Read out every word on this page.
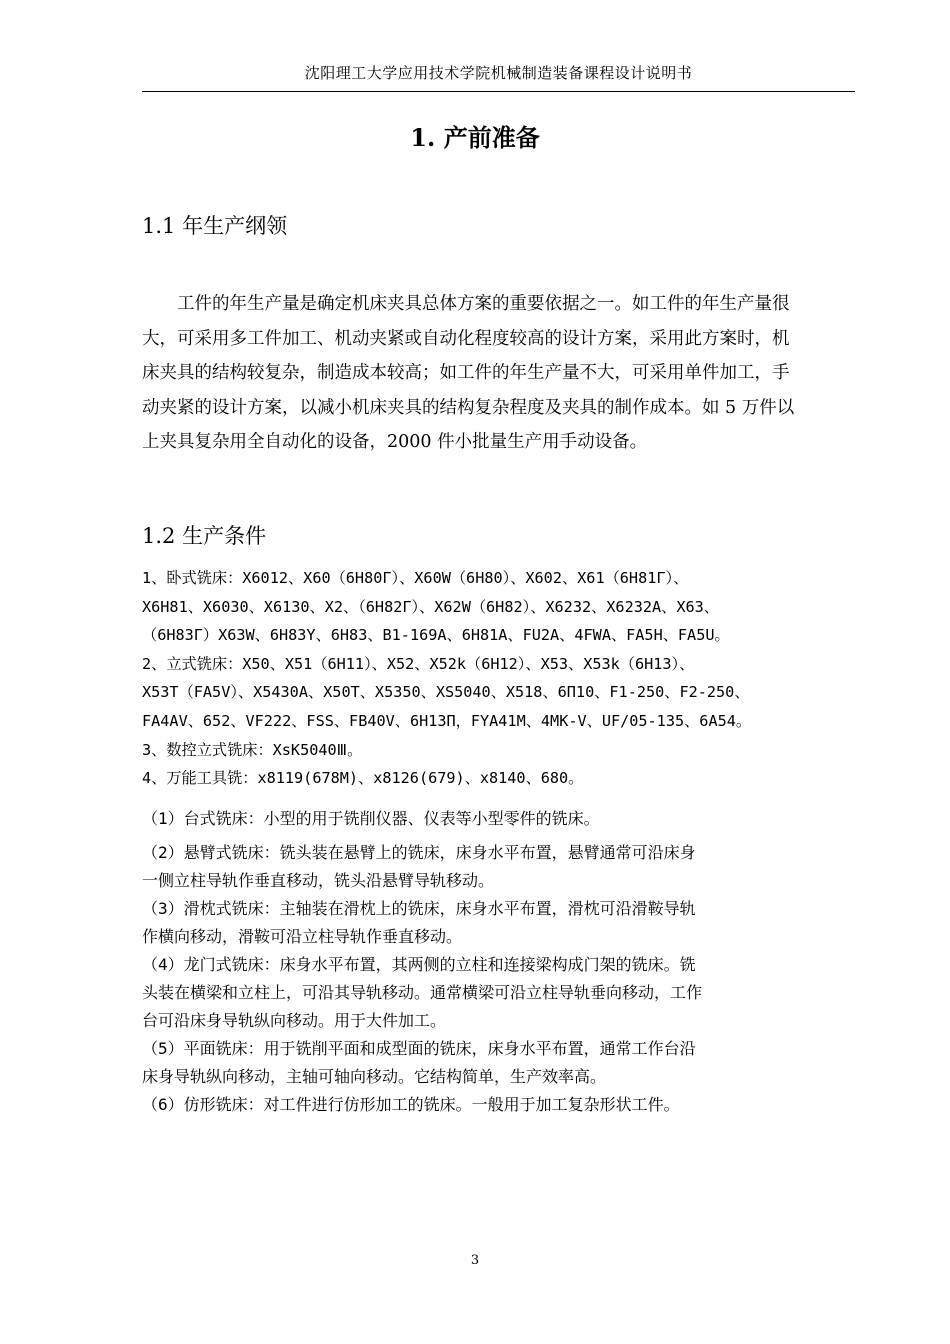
沈阳理工大学应用技术学院机械制造装备课程设计说明书
1. 产前准备
1.1 年生产纲领
　　工件的年生产量是确定机床夹具总体方案的重要依据之一。如工件的年生产量很
大，可采用多工件加工、机动夹紧或自动化程度较高的设计方案，采用此方案时，机
床夹具的结构较复杂，制造成本较高；如工件的年生产量不大，可采用单件加工，手
动夹紧的设计方案，以减小机床夹具的结构复杂程度及夹具的制作成本。如 5 万件以
上夹具复杂用全自动化的设备，2000 件小批量生产用手动设备。
1.2 生产条件
1、卧式铣床：X6012、X60（6H80Γ）、X60W（6H80）、X602、X61（6H81Γ）、
X6H81、X6030、X6130、X2、（6H82Γ）、X62W（6H82）、X6232、X6232A、X63、
（6H83Γ）X63W、6H83Y、6H83、B1-169A、6H81A、FU2A、4FWA、FA5H、FA5U。
2、立式铣床：X50、X51（6H11）、X52、X52k（6H12）、X53、X53k（6H13）、
X53T（FA5V）、X5430A、X50T、X5350、XS5040、X518、6Π10、F1-250、F2-250、
FA4AV、652、VF222、FSS、FB40V、6H13Π，FYA41M、4MK-V、UF/05-135、6A54。
3、数控立式铣床：XsK5040Ⅲ。
4、万能工具铣：x8119(678M)、x8126(679)、x8140、680。
（1）台式铣床：小型的用于铣削仪器、仪表等小型零件的铣床。
（2）悬臂式铣床：铣头装在悬臂上的铣床，床身水平布置，悬臂通常可沿床身
一侧立柱导轨作垂直移动，铣头沿悬臂导轨移动。
（3）滑枕式铣床：主轴装在滑枕上的铣床，床身水平布置，滑枕可沿滑鞍导轨
作横向移动，滑鞍可沿立柱导轨作垂直移动。
（4）龙门式铣床：床身水平布置，其两侧的立柱和连接梁构成门架的铣床。铣
头装在横梁和立柱上，可沿其导轨移动。通常横梁可沿立柱导轨垂向移动，工作
台可沿床身导轨纵向移动。用于大件加工。
（5）平面铣床：用于铣削平面和成型面的铣床，床身水平布置，通常工作台沿
床身导轨纵向移动，主轴可轴向移动。它结构简单，生产效率高。
（6）仿形铣床：对工件进行仿形加工的铣床。一般用于加工复杂形状工件。
3
